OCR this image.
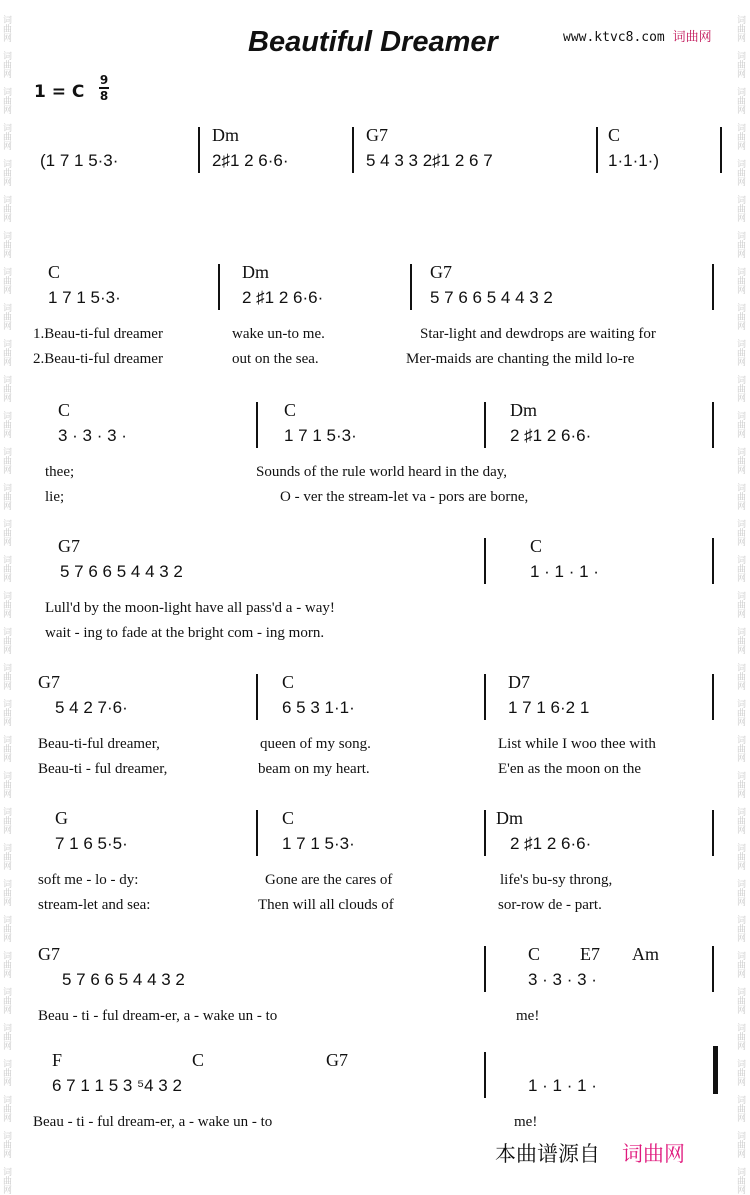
词曲网
词曲网
词曲网
词曲网
词曲网
词曲网
词曲网
词曲网
词曲网
词曲网
词曲网
词曲网
词曲网
词曲网
词曲网
词曲网
词曲网
词曲网
词曲网
词曲网
词曲网
词曲网
词曲网
词曲网
词曲网
词曲网
词曲网
词曲网
词曲网
词曲网
词曲网
词曲网
词曲网
词曲网
词曲网
词曲网
词曲网
词曲网
词曲网
词曲网
词曲网
词曲网
词曲网
词曲网
词曲网
词曲网
词曲网
词曲网
词曲网
词曲网
词曲网
词曲网
词曲网
词曲网
词曲网
词曲网
词曲网
词曲网
词曲网
词曲网
词曲网
词曲网
词曲网
词曲网
词曲网
词曲网
Beautiful Dreamer	www.ktvc8.com 词曲网
1 = C
9
8
Dm	G7	C
(1 7 1 5·3·	2♯1 2 6·6·	5 4 3 3 2♯1 2 6 7	1·1·1·)
C	Dm	G7
1 7 1 5·3·	2 ♯1 2 6·6·	5 7 6 6 5 4 4 3 2
1.Beau-ti-ful dreamer	wake un-to me.	Star-light and dewdrops are waiting for
2.Beau-ti-ful dreamer	out on the sea.	Mer-maids are chanting the mild lo-re
C	C	Dm
3 · 3 · 3 ·	1 7 1 5·3·	2 ♯1 2 6·6·
thee;	Sounds of the rule world heard in the day,
lie;	O - ver the stream-let va - pors are borne,
G7	C
5 7 6 6 5 4 4 3 2	1 · 1 · 1 ·
Lull'd by the moon-light have all pass'd a - way!
wait - ing to fade at the bright com - ing morn.
G7	C	D7
5 4 2 7·6·	6 5 3 1·1·	1 7 1 6·2 1
Beau-ti-ful dreamer,	queen of my song.	List while I woo thee with
Beau-ti - ful dreamer,	beam on my heart.	E'en as the moon on the
G	C	Dm
7 1 6 5·5·	1 7 1 5·3·	2 ♯1 2 6·6·
soft me - lo - dy:	Gone are the cares of	life's bu-sy throng,
stream-let and sea:	Then will all clouds of	sor-row de - part.
G7	C E7 Am
5 7 6 6 5 4 4 3 2	3 · 3 · 3 ·
Beau - ti - ful dream-er, a - wake un - to	me!
F	C	G7
6 7 1 1 5 3 ⁵4 3 2	1 · 1 · 1 ·
Beau - ti - ful dream-er, a - wake un - to	me!
本曲谱源自 词曲网
